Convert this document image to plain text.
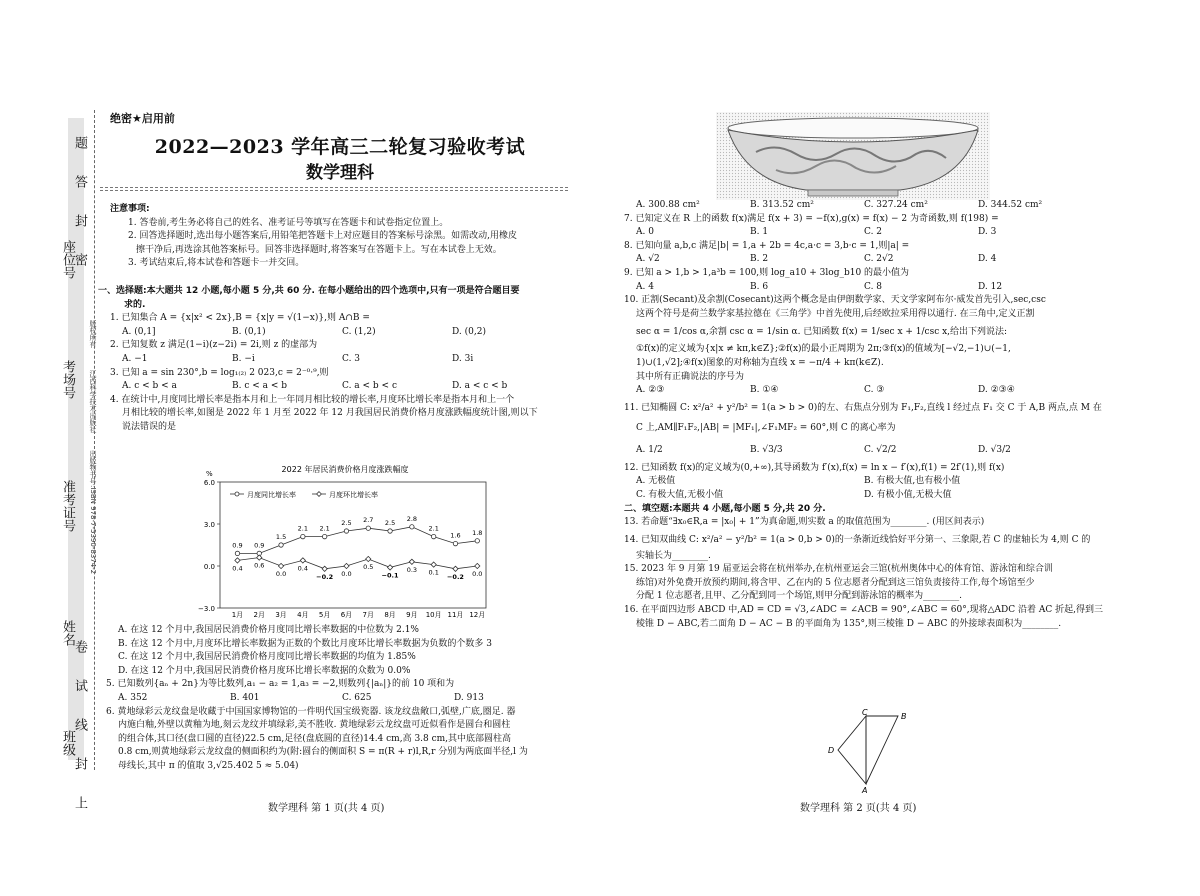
题　　答　　封　　密
卷　　试　　线　　封　　上
座位号
考场号
准考证号
姓名
班级
出版物书号:ISBN 978-7-5390-8374-2
江西科学技术出版社
版权所有
绝密★启用前
2022—2023 学年高三二轮复习验收考试
数学理科

注意事项:

1. 答卷前,考生务必将自己的姓名、准考证号等填写在答题卡和试卷指定位置上。

2. 回答选择题时,选出每小题答案后,用铅笔把答题卡上对应题目的答案标号涂黑。如需改动,用橡皮

擦干净后,再选涂其他答案标号。回答非选择题时,将答案写在答题卡上。写在本试卷上无效。

3. 考试结束后,将本试卷和答题卡一并交回。

一、选择题:本大题共 12 小题,每小题 5 分,共 60 分. 在每小题给出的四个选项中,只有一项是符合题目要

求的.

1. 已知集合 A = {x|x² < 2x},B = {x|y = √(1−x)},则 A∩B =

A. (0,1]	B. (0,1)	C. (1,2)	D. (0,2)

2. 已知复数 z 满足(1−i)(z−2i) = 2i,则 z 的虚部为

A. −1	B. −i	C. 3	D. 3i

3. 已知 a = sin 230°,b = log₁₍₂₎ 2 023,c = 2⁻⁰·⁹,则

A. c < b < a	B. c < a < b	C. a < b < c	D. a < c < b

4. 在统计中,月度同比增长率是指本月和上一年同月相比较的增长率,月度环比增长率是指本月和上一个

月相比较的增长率,如图是 2022 年 1 月至 2022 年 12 月我国居民消费价格月度涨跌幅度统计图,则以下

说法错误的是

2022 年居民消费价格月度涨跌幅度
%
6.0
3.0
0.0
−3.0
1月 2月 3月 4月 5月 6月 7月 8月 9月 10月 11月 12月
0.9 0.9
1.5
2.1 2.1
2.5 2.7 2.5
2.8
2.1
1.6 1.8
0.4 0.6
0.0
0.4
−0.2 0.0
0.5
−0.1
0.3 0.1
−0.2 0.0
月度同比增长率	月度环比增长率

A. 在这 12 个月中,我国居民消费价格月度同比增长率数据的中位数为 2.1%

B. 在这 12 个月中,月度环比增长率数据为正数的个数比月度环比增长率数据为负数的个数多 3

C. 在这 12 个月中,我国居民消费价格月度同比增长率数据的均值为 1.85%

D. 在这 12 个月中,我国居民消费价格月度环比增长率数据的众数为 0.0%

5. 已知数列{aₙ + 2n}为等比数列,a₁ − a₂ = 1,a₃ = −2,则数列{|aₙ|}的前 10 项和为

A. 352	B. 401	C. 625	D. 913

6. 黄地绿彩云龙纹盘是收藏于中国国家博物馆的一件明代国宝级瓷器. 该龙纹盘敞口,弧壁,广底,圈足. 器

内施白釉,外壁以黄釉为地,刻云龙纹并填绿彩,美不胜收. 黄地绿彩云龙纹盘可近似看作是圆台和圆柱

的组合体,其口径(盘口圆的直径)22.5 cm,足径(盘底圆的直径)14.4 cm,高 3.8 cm,其中底部圆柱高

0.8 cm,则黄地绿彩云龙纹盘的侧面积约为(附:圆台的侧面积 S = π(R + r)l,R,r 分别为两底面半径,l 为

母线长,其中 π 的值取 3,√25.402 5 ≈ 5.04)

数学理科 第 1 页(共 4 页)	数学理科 第 2 页(共 4 页)
A. 300.88 cm²	B. 313.52 cm²	C. 327.24 cm²	D. 344.52 cm²

7. 已知定义在 R 上的函数 f(x)满足 f(x + 3) = −f(x),g(x) = f(x) − 2 为奇函数,则 f(198) =

A. 0	B. 1	C. 2	D. 3

8. 已知向量 a,b,c 满足|b| = 1,a + 2b = 4c,a·c = 3,b·c = 1,则|a| =

A. √2	B. 2	C. 2√2	D. 4

9. 已知 a > 1,b > 1,a³b = 100,则 log_a10 + 3log_b10 的最小值为

A. 4	B. 6	C. 8	D. 12

10. 正割(Secant)及余割(Cosecant)这两个概念是由伊朗数学家、天文学家阿布尔·威发首先引入,sec,csc

这两个符号是荷兰数学家基拉德在《三角学》中首先使用,后经欧拉采用得以通行. 在三角中,定义正割

sec α = 1/cos α,余割 csc α = 1/sin α. 已知函数 f(x) = 1/sec x + 1/csc x,给出下列说法:

①f(x)的定义域为{x|x ≠ kπ,k∈Z};②f(x)的最小正周期为 2π;③f(x)的值域为[−√2,−1)∪(−1,

1)∪(1,√2];④f(x)图象的对称轴为直线 x = −π/4 + kπ(k∈Z).

其中所有正确说法的序号为

A. ②③	B. ①④	C. ③	D. ②③④

11. 已知椭圆 C: x²/a² + y²/b² = 1(a > b > 0)的左、右焦点分别为 F₁,F₂,直线 l 经过点 F₁ 交 C 于 A,B 两点,点 M 在

C 上,AM∥F₁F₂,|AB| = |MF₁|,∠F₁MF₂ = 60°,则 C 的离心率为

A. 1/2	B. √3/3	C. √2/2	D. √3/2

12. 已知函数 f(x)的定义域为(0,+∞),其导函数为 f′(x),f(x) = ln x − f′(x),f(1) = 2f′(1),则 f(x)

A. 无极值	B. 有极大值,也有极小值
C. 有极大值,无极小值	D. 有极小值,无极大值

二、填空题:本题共 4 小题,每小题 5 分,共 20 分.

13. 若命题“∃x₀∈R,a = |x₀| + 1”为真命题,则实数 a 的取值范围为________. (用区间表示)

14. 已知双曲线 C: x²/a² − y²/b² = 1(a > 0,b > 0)的一条渐近线恰好平分第一、三象限,若 C 的虚轴长为 4,则 C 的

实轴长为________.

15. 2023 年 9 月第 19 届亚运会将在杭州举办,在杭州亚运会三馆(杭州奥体中心的体育馆、游泳馆和综合训

练馆)对外免费开放预约期间,将含甲、乙在内的 5 位志愿者分配到这三馆负责接待工作,每个场馆至少

分配 1 位志愿者,且甲、乙分配到同一个场馆,则甲分配到游泳馆的概率为________.

16. 在平面四边形 ABCD 中,AD = CD = √3,∠ADC = ∠ACB = 90°,∠ABC = 60°,现将△ADC 沿着 AC 折起,得到三

棱锥 D − ABC,若二面角 D − AC − B 的平面角为 135°,则三棱锥 D − ABC 的外接球表面积为________.

C	B
D
A
